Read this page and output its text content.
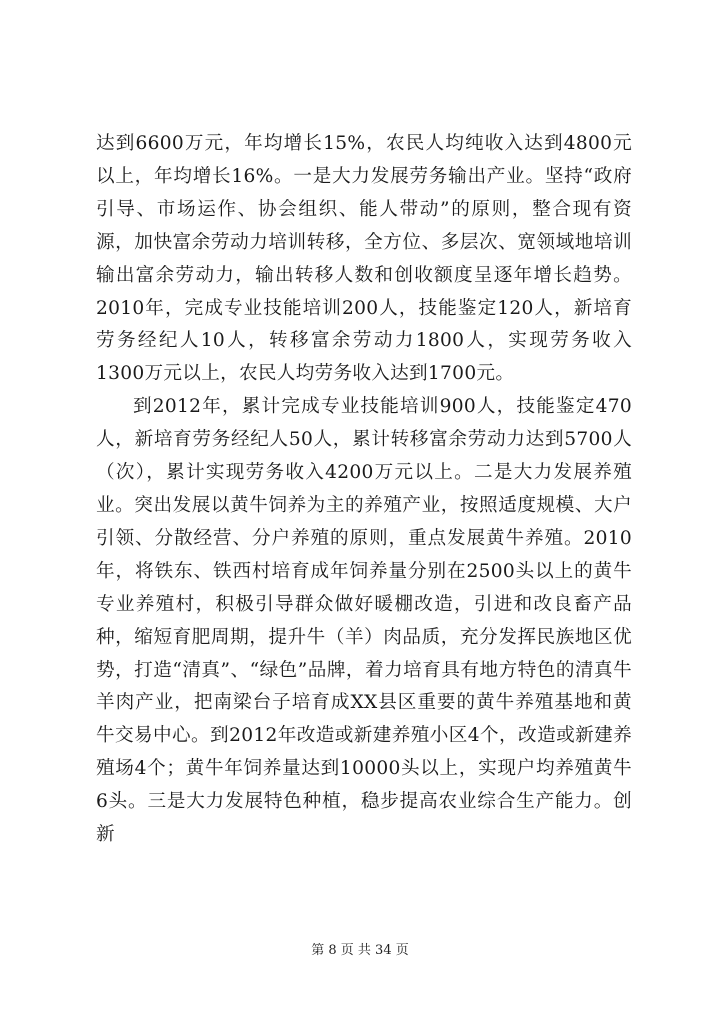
达到6600万元，年均增长15%，农民人均纯收入达到4800元以上，年均增长16%。一是大力发展劳务输出产业。坚持“政府引导、市场运作、协会组织、能人带动”的原则，整合现有资源，加快富余劳动力培训转移，全方位、多层次、宽领域地培训输出富余劳动力，输出转移人数和创收额度呈逐年增长趋势。2010年，完成专业技能培训200人，技能鉴定120人，新培育劳务经纪人10人，转移富余劳动力1800人，实现劳务收入1300万元以上，农民人均劳务收入达到1700元。

到2012年，累计完成专业技能培训900人，技能鉴定470人，新培育劳务经纪人50人，累计转移富余劳动力达到5700人（次），累计实现劳务收入4200万元以上。二是大力发展养殖业。突出发展以黄牛饲养为主的养殖产业，按照适度规模、大户引领、分散经营、分户养殖的原则，重点发展黄牛养殖。2010年，将铁东、铁西村培育成年饲养量分别在2500头以上的黄牛专业养殖村，积极引导群众做好暖棚改造，引进和改良畜产品种，缩短育肥周期，提升牛（羊）肉品质，充分发挥民族地区优势，打造“清真”、“绿色”品牌，着力培育具有地方特色的清真牛羊肉产业，把南梁台子培育成XX县区重要的黄牛养殖基地和黄牛交易中心。到2012年改造或新建养殖小区4个，改造或新建养殖场4个；黄牛年饲养量达到10000头以上，实现户均养殖黄牛6头。三是大力发展特色种植，稳步提高农业综合生产能力。创新

第 8 页 共 34 页
